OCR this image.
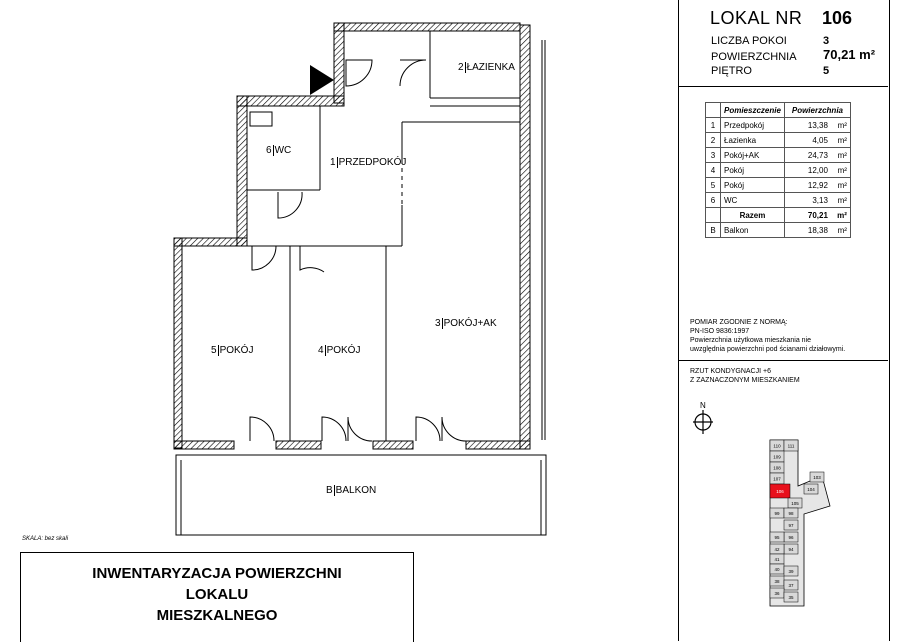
2 ŁAZIENKA
6 WC
1 PRZEDPOKÓJ
3 POKÓJ+AK
5 POKÓJ	4 POKÓJ
B BALKON
SKALA: bez skali
INWENTARYZACJA POWIERZCHNI
LOKALU
MIESZKALNEGO
LOKAL NR 106
LICZBA POKOI	3
POWIERZCHNIA 70,21 m²
PIĘTRO	5
	Pomieszczenie	Powierzchnia	
1	Przedpokój	13,38	m²
2	Łazienka	4,05	m²
3	Pokój+AK	24,73	m²
4	Pokój	12,00	m²
5	Pokój	12,92	m²
6	WC	3,13	m²
	Razem	70,21	m²
B	Balkon	18,38	m²
POMIAR ZGODNIE Z NORMĄ:
PN-ISO 9836:1997
Powierzchnia użytkowa mieszkania nie
uwzględnia powierzchni pod ścianami działowymi.
RZUT KONDYGNACJI +6
Z ZAZNACZONYM MIESZKANIEM
N
110 111
109
108
107
106
105
104
103
99 98
97
96
95
94
42
41
40 39
38
37
36
35
